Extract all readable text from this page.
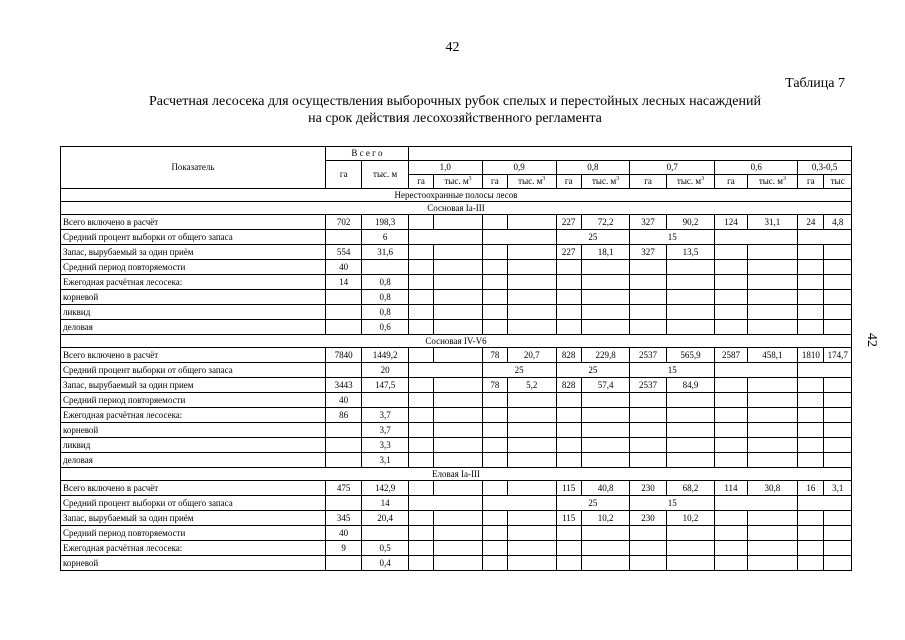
42
42
Таблица 7
Расчетная лесосека для осуществления выборочных рубок спелых и перестойных лесных насаждений
на срок действия лесохозяйственного регламента
Показатель	В с е г о													
	га	тыс. м	1,0		0,9		0,8		0,7		0,6		0,3-0,5	
			га	тыс. $м^3$	га	тыс. $м^3$	га	тыс. $м^3$	га	тыс. $м^3$	га	тыс. $м^3$	га	тыс
Нерестоохранные полосы лесов														
Сосновая Ia-III														
Всего включено в расчёт	702	198,3					227	72,2	327	90,2	124	31,1	24	4,8
Средний процент выборки от общего запаса		6					25		15					
Запас, вырубаемый за один приём	554	31,6					227	18,1	327	13,5				
Средний период повторяемости	40													
Ежегодная расчётная лесосека:	14	0,8												
корневой		0,8												
ликвид		0,8												
деловая		0,6												
Сосновая IV-V6														
Всего включено в расчёт	7840	1449,2			78	20,7	828	229,8	2537	565,9	2587	458,1	1810	174,7
Средний процент выборки от общего запаса		20			25		25		15					
Запас, вырубаемый за один прием	3443	147,5			78	5,2	828	57,4	2537	84,9				
Средний период повторяемости	40													
Ежегодная расчётная лесосека:	86	3,7												
корневой		3,7												
ликвид		3,3												
деловая		3,1												
Еловая Ia-III														
Всего включено в расчёт	475	142,9					115	40,8	230	68,2	114	30,8	16	3,1
Средний процент выборки от общего запаса		14					25		15					
Запас, вырубаемый за один приём	345	20,4					115	10,2	230	10,2				
Средний период повторяемости	40													
Ежегодная расчётная лесосека:	9	0,5												
корневой		0,4												
